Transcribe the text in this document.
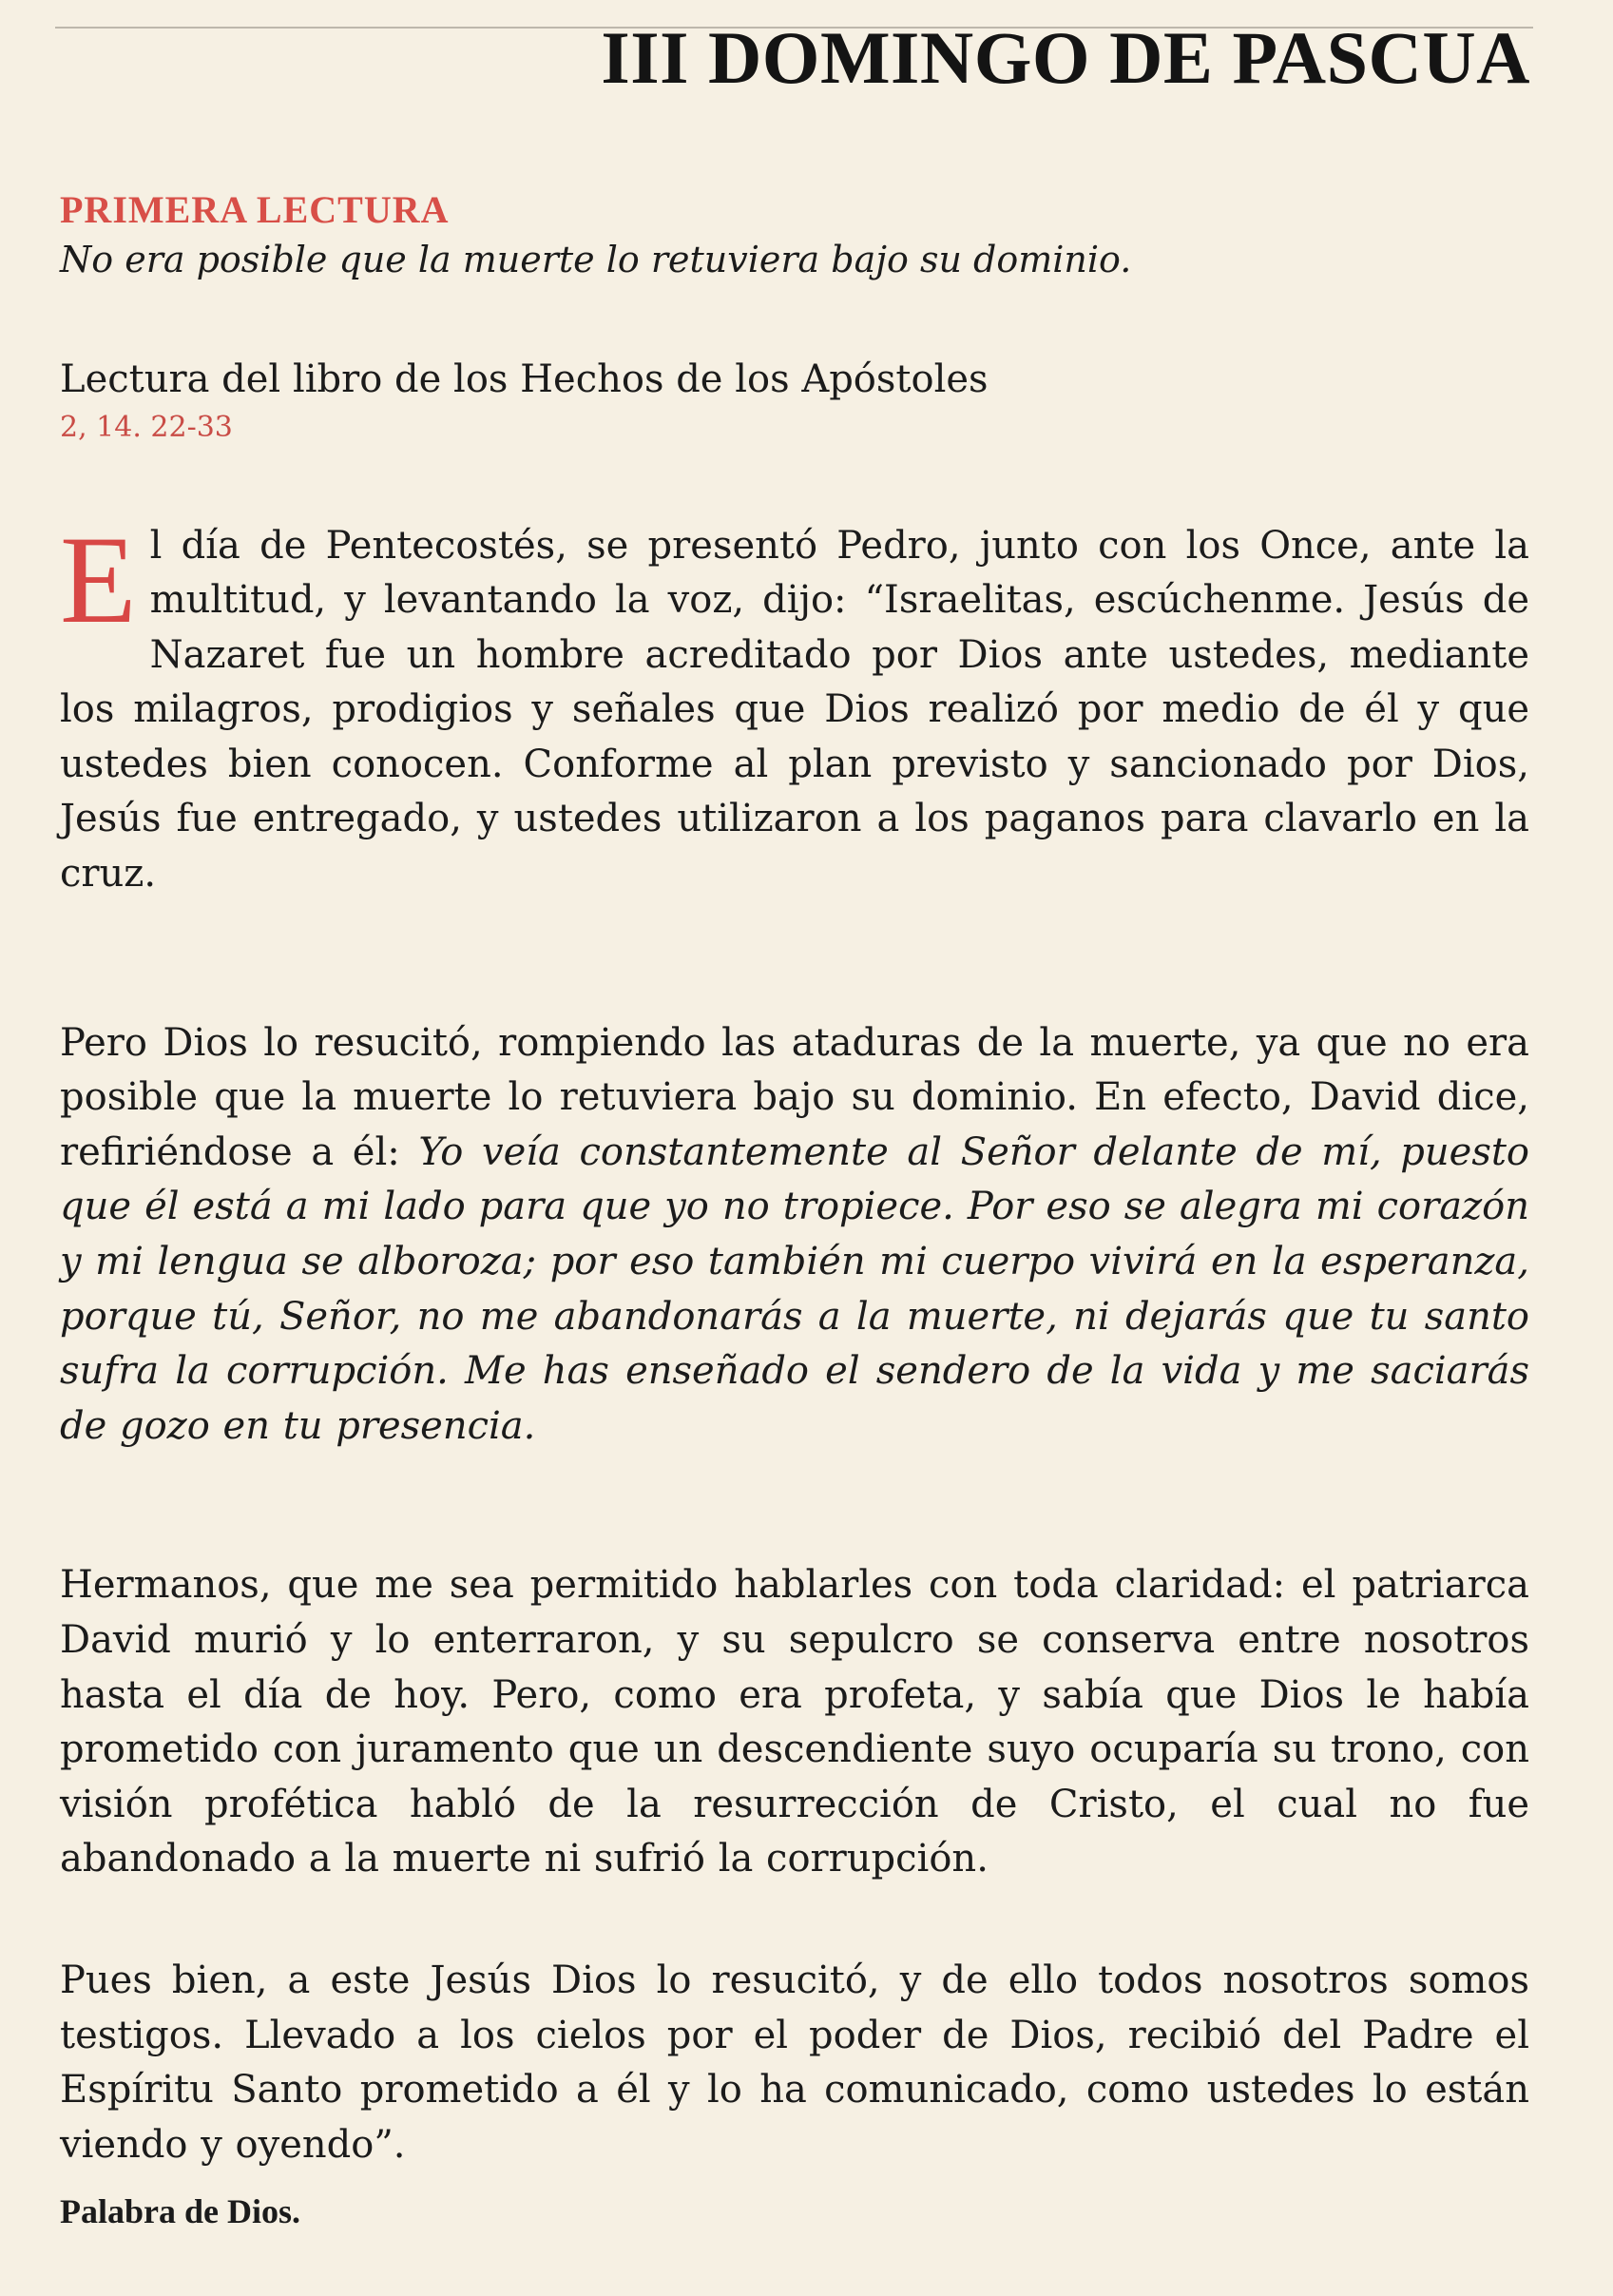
III DOMINGO DE PASCUA
PRIMERA LECTURA
No era posible que la muerte lo retuviera bajo su dominio.
Lectura del libro de los Hechos de los Apóstoles
2, 14. 22-33

E l día de Pentecostés, se presentó Pedro, junto con los Once, ante la multitud, y levantando la voz, dijo: “Israelitas, escúchenme. Jesús de Nazaret fue un hombre acreditado por Dios ante ustedes, mediante los milagros, prodigios y señales que Dios realizó por medio de él y que ustedes bien conocen. Conforme al plan previsto y sancionado por Dios, Jesús fue entregado, y ustedes utilizaron a los paganos para clavarlo en la cruz.

Pero Dios lo resucitó, rompiendo las ataduras de la muerte, ya que no era posible que la muerte lo retuviera bajo su dominio. En efecto, David dice, refiriéndose a él: Yo veía constantemente al Señor delante de mí, puesto que él está a mi lado para que yo no tropiece. Por eso se alegra mi corazón y mi lengua se alboroza; por eso también mi cuerpo vivirá en la esperanza, porque tú, Señor, no me abandonarás a la muerte, ni dejarás que tu santo sufra la corrupción. Me has enseñado el sendero de la vida y me saciarás de gozo en tu presencia.

Hermanos, que me sea permitido hablarles con toda claridad: el patriarca David murió y lo enterraron, y su sepulcro se conserva entre nosotros hasta el día de hoy. Pero, como era profeta, y sabía que Dios le había prometido con juramento que un descendiente suyo ocuparía su trono, con visión profética habló de la resurrección de Cristo, el cual no fue abandonado a la muerte ni sufrió la corrupción.

Pues bien, a este Jesús Dios lo resucitó, y de ello todos nosotros somos testigos. Llevado a los cielos por el poder de Dios, recibió del Padre el Espíritu Santo prometido a él y lo ha comunicado, como ustedes lo están viendo y oyendo”.

Palabra de Dios.
